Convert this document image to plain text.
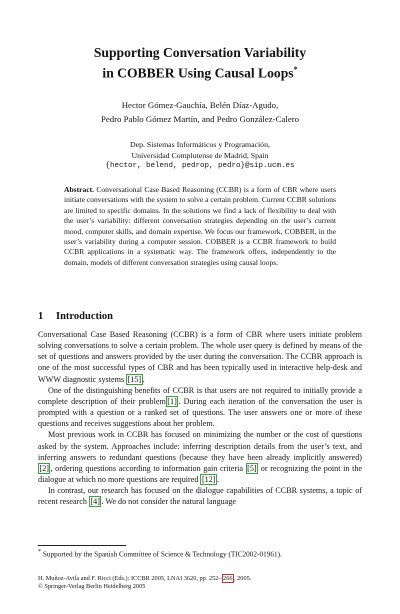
Supporting Conversation Variability
in COBBER Using Causal Loops*
Hector Gómez-Gauchía, Belén Díaz-Agudo,
Pedro Pablo Gómez Martín, and Pedro González-Calero
Dep. Sistemas Informáticos y Programación,
Universidad Complutense de Madrid, Spain
{hector, belend, pedrop, pedro}@sip.ucm.es
Abstract. Conversational Case Based Reasoning (CCBR) is a form of CBR where users initiate conversations with the system to solve a certain problem. Current CCBR solutions are limited to specific domains. In the solutions we find a lack of flexibility to deal with the user’s variability: different conversation strategies depending on the user’s current mood, computer skills, and domain expertise. We focus our framework, COBBER, in the user’s variability during a computer session. COBBER is a CCBR framework to build CCBR applications in a systematic way. The framework offers, independently to the domain, models of different conversation strategies using causal loops.
1 Introduction

Conversational Case Based Reasoning (CCBR) is a form of CBR where users initiate problem solving conversations to solve a certain problem. The whole user query is defined by means of the set of questions and answers provided by the user during the conversation. The CCBR approach is one of the most successful types of CBR and has been typically used in interactive help-desk and WWW diagnostic systems [15] .

One of the distinguishing benefits of CCBR is that users are not required to initially provide a complete description of their problem [1] . During each iteration of the conversation the user is prompted with a question or a ranked set of questions. The user answers one or more of these questions and receives suggestions about her problem.

Most previous work in CCBR has focused on minimizing the number or the cost of questions asked by the system. Approaches include: inferring description details from the user’s text, and inferring answers to redundant questions (because they have been already implicitly answered) [2] , ordering questions according to information gain criteria [5] or recognizing the point in the dialogue at which no more questions are required [12] .

In contrast, our research has focused on the dialogue capabilities of CCBR systems, a topic of recent research [4] . We do not consider the natural language

* Supported by the Spanish Committee of Science & Technology (TIC2002-01961).
H. Muñoz-Avila and F. Ricci (Eds.): ICCBR 2005, LNAI 3620, pp. 252– 266 , 2005.
© Springer-Verlag Berlin Heidelberg 2005
